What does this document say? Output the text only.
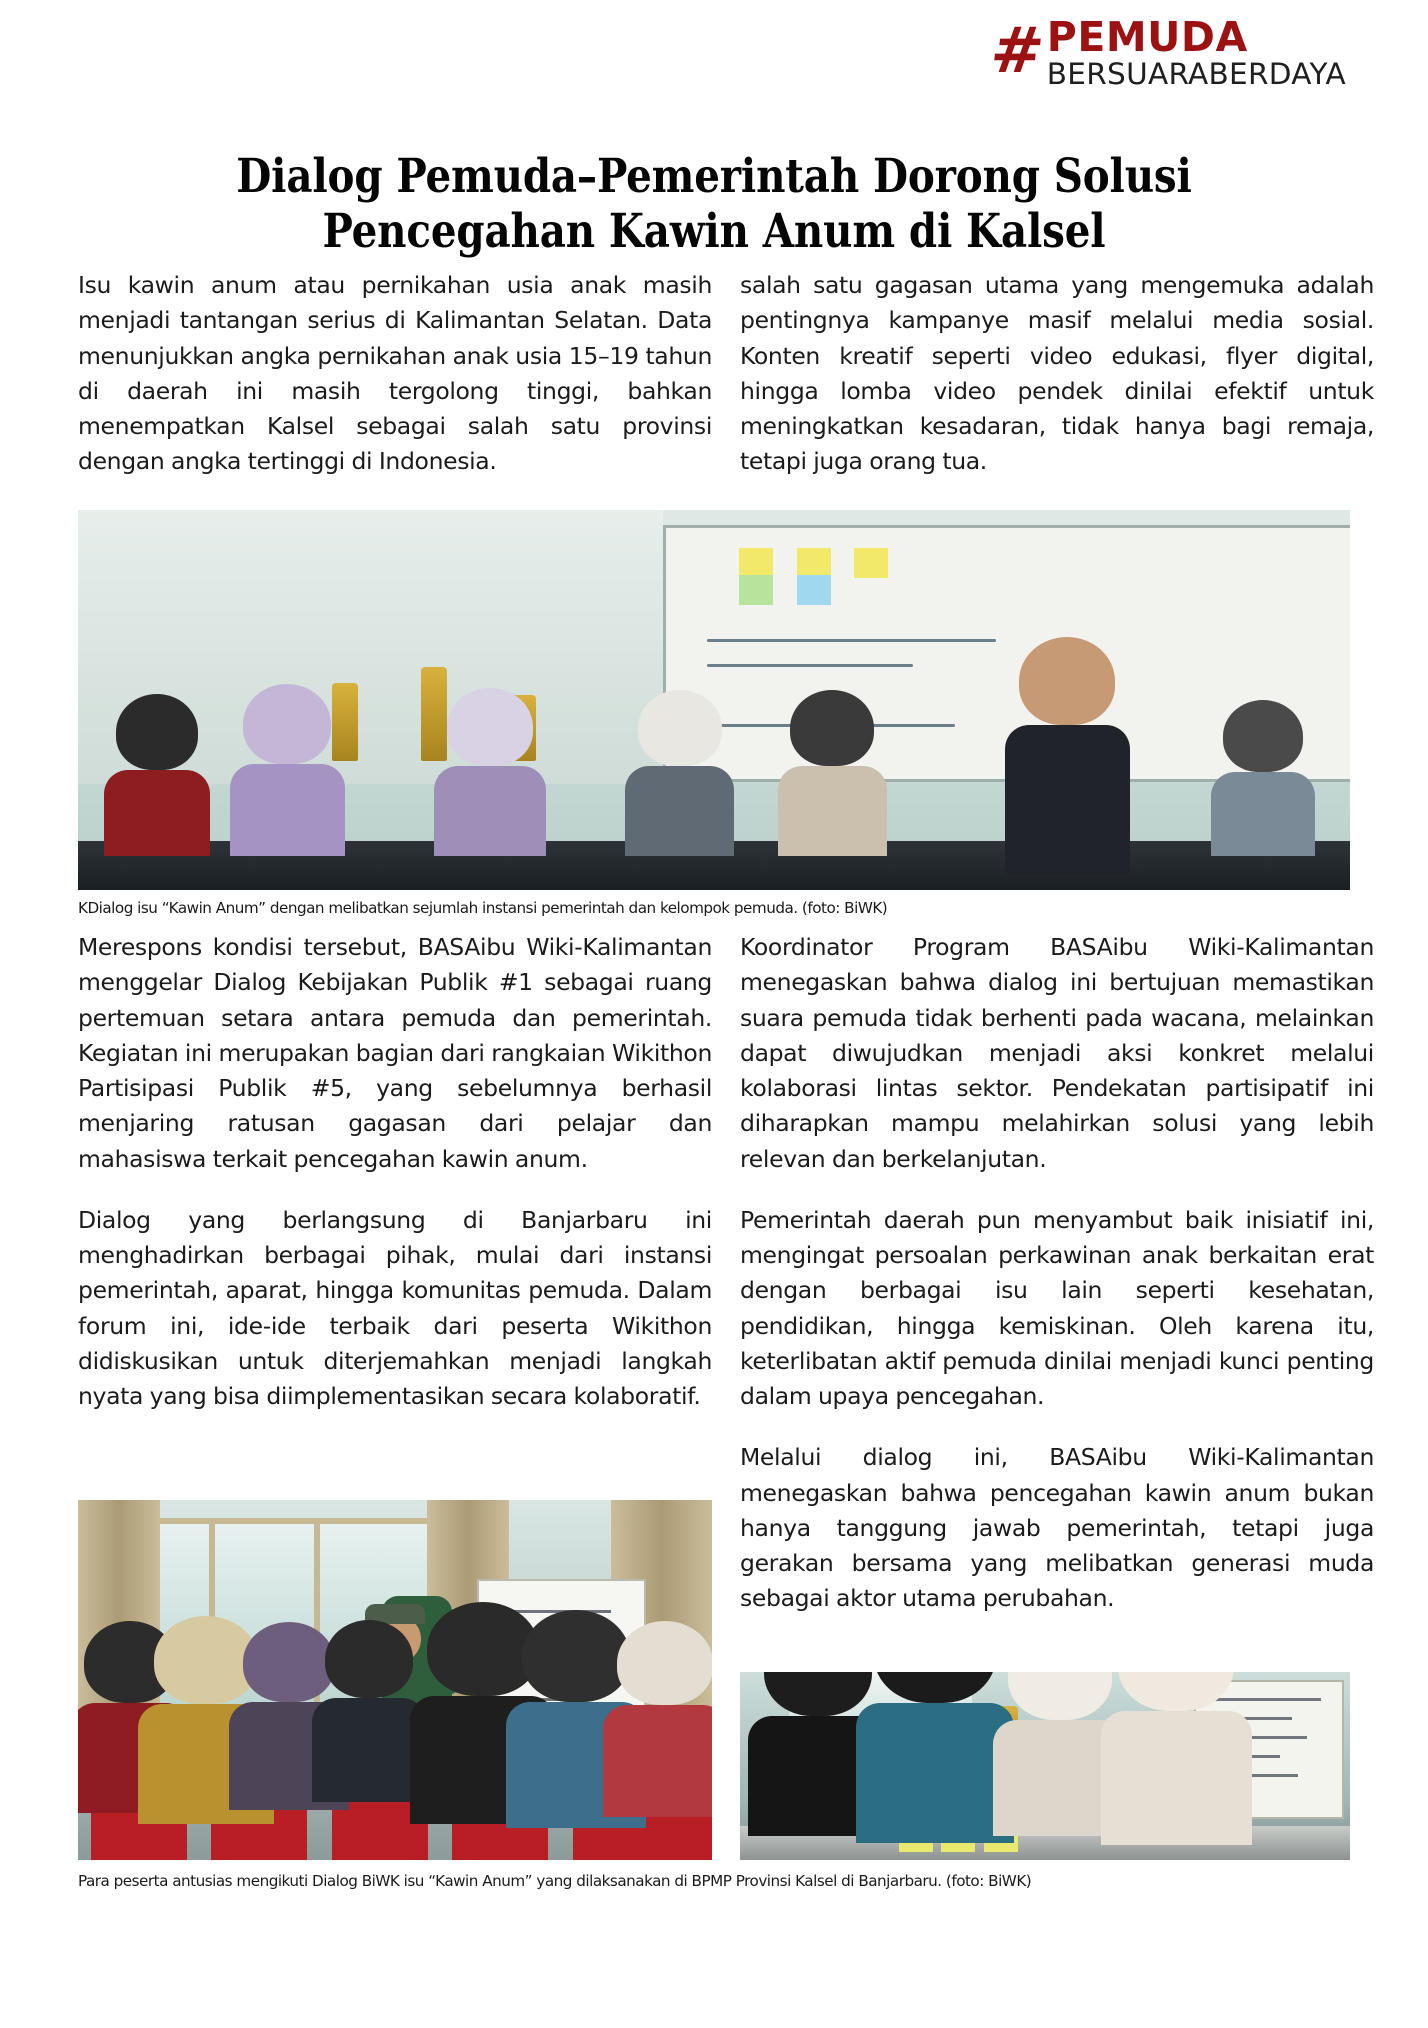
# PEMUDA
BERSUARABERDAYA
Dialog Pemuda–Pemerintah Dorong Solusi
Pencegahan Kawin Anum di Kalsel

Isu kawin anum atau pernikahan usia anak masih menjadi tantangan serius di Kalimantan Selatan. Data menunjukkan angka pernikahan anak usia 15–19 tahun di daerah ini masih tergolong tinggi, bahkan menempatkan Kalsel sebagai salah satu provinsi dengan angka tertinggi di Indonesia.

salah satu gagasan utama yang mengemuka adalah pentingnya kampanye masif melalui media sosial. Konten kreatif seperti video edukasi, flyer digital, hingga lomba video pendek dinilai efektif untuk meningkatkan kesadaran, tidak hanya bagi remaja, tetapi juga orang tua.

KDialog isu “Kawin Anum” dengan melibatkan sejumlah instansi pemerintah dan kelompok pemuda. (foto: BiWK)

Merespons kondisi tersebut, BASAibu Wiki-Kalimantan menggelar Dialog Kebijakan Publik #1 sebagai ruang pertemuan setara antara pemuda dan pemerintah. Kegiatan ini merupakan bagian dari rangkaian Wikithon Partisipasi Publik #5, yang sebelumnya berhasil menjaring ratusan gagasan dari pelajar dan mahasiswa terkait pencegahan kawin anum.

Dialog yang berlangsung di Banjarbaru ini menghadirkan berbagai pihak, mulai dari instansi pemerintah, aparat, hingga komunitas pemuda. Dalam forum ini, ide-ide terbaik dari peserta Wikithon didiskusikan untuk diterjemahkan menjadi langkah nyata yang bisa diimplementasikan secara kolaboratif.

Koordinator Program BASAibu Wiki-Kalimantan menegaskan bahwa dialog ini bertujuan memastikan suara pemuda tidak berhenti pada wacana, melainkan dapat diwujudkan menjadi aksi konkret melalui kolaborasi lintas sektor. Pendekatan partisipatif ini diharapkan mampu melahirkan solusi yang lebih relevan dan berkelanjutan.

Pemerintah daerah pun menyambut baik inisiatif ini, mengingat persoalan perkawinan anak berkaitan erat dengan berbagai isu lain seperti kesehatan, pendidikan, hingga kemiskinan. Oleh karena itu, keterlibatan aktif pemuda dinilai menjadi kunci penting dalam upaya pencegahan.

Melalui dialog ini, BASAibu Wiki-Kalimantan menegaskan bahwa pencegahan kawin anum bukan hanya tanggung jawab pemerintah, tetapi juga gerakan bersama yang melibatkan generasi muda sebagai aktor utama perubahan.

Para peserta antusias mengikuti Dialog BiWK isu “Kawin Anum” yang dilaksanakan di BPMP Provinsi Kalsel di Banjarbaru. (foto: BiWK)
